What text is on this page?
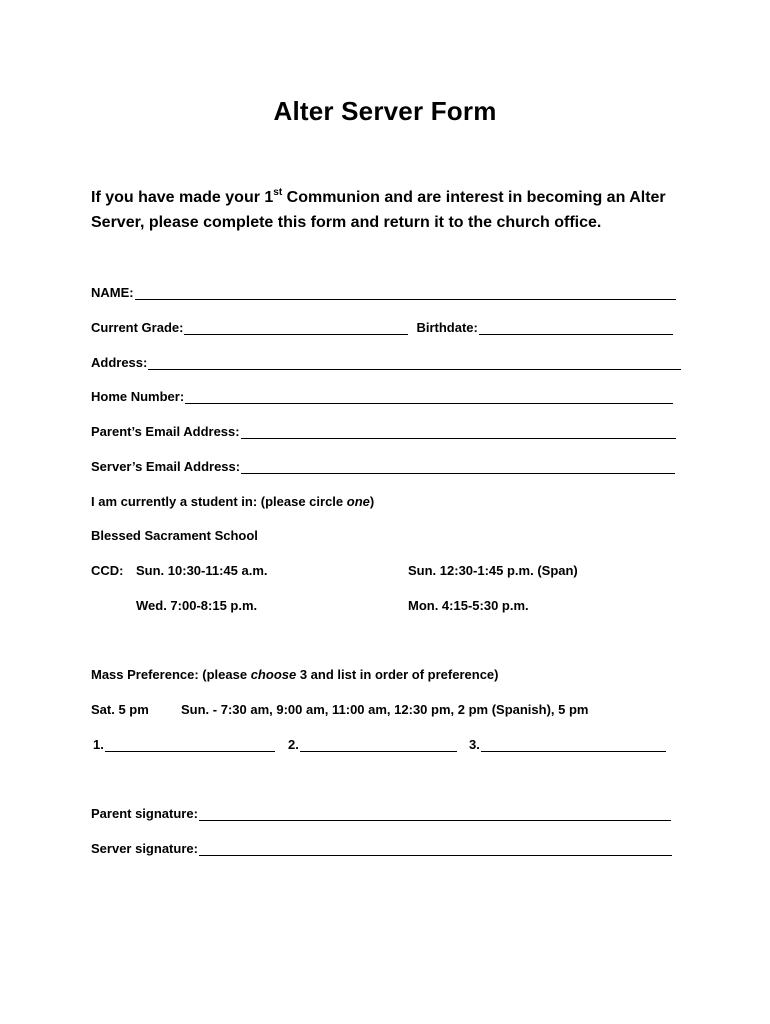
Alter Server Form
If you have made your 1st Communion and are interest in becoming an Alter Server, please complete this form and return it to the church office.
NAME:
Current Grade:	Birthdate:
Address:
Home Number:
Parent’s Email Address:
Server’s Email Address:
I am currently a student in: (please circle one)
Blessed Sacrament School
CCD: Sun. 10:30-11:45 a.m.	Sun. 12:30-1:45 p.m. (Span)
Wed. 7:00-8:15 p.m.	Mon. 4:15-5:30 p.m.
Mass Preference: (please choose 3 and list in order of preference)
Sat. 5 pm Sun. - 7:30 am, 9:00 am, 11:00 am, 12:30 pm, 2 pm (Spanish), 5 pm
1.	2.	3.
Parent signature:
Server signature:
